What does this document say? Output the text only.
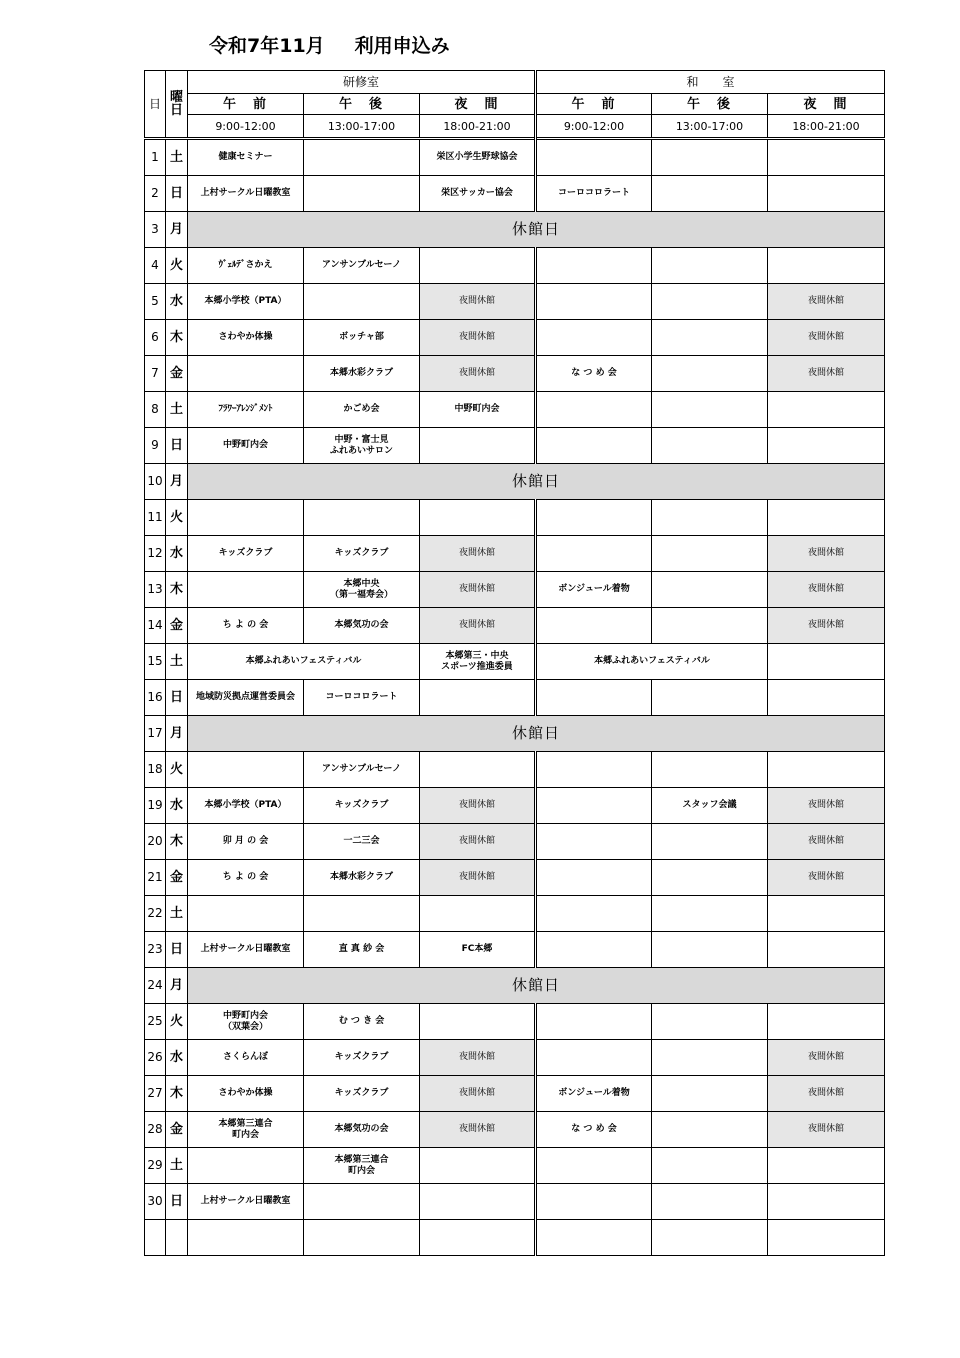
令和7年11月 利用申込み
日	曜
日	研修室			和　　室		
		午　前	午　後	夜　間	午　前	午　後	夜　間
		9:00-12:00	13:00-17:00	18:00-21:00	9:00-12:00	13:00-17:00	18:00-21:00
1	土	健康セミナー		栄区小学生野球協会			
2	日	上村サークル日曜教室		栄区サッカー協会	コーロコロラート		
3	月	休館日					
4	火	ｳﾞｪﾙﾃﾞさかえ	アンサンブルセーノ				
5	水	本郷小学校（PTA）		夜間休館			夜間休館
6	木	さわやか体操	ボッチャ部	夜間休館			夜間休館
7	金		本郷水彩クラブ	夜間休館	な つ め 会		夜間休館
8	土	ﾌﾗﾜｰｱﾚﾝｼﾞﾒﾝﾄ	かごめ会	中野町内会			
9	日	中野町内会	中野・富士見
ふれあいサロン				
10	月	休館日					
11	火						
12	水	キッズクラブ	キッズクラブ	夜間休館			夜間休館
13	木		本郷中央
（第一福寿会）	夜間休館	ボンジュール着物		夜間休館
14	金	ち よ の 会	本郷気功の会	夜間休館			夜間休館
15	土	本郷ふれあいフェスティバル		本郷第三・中央
スポーツ推進委員	本郷ふれあいフェスティバル		
16	日	地域防災拠点運営委員会	コーロコロラート				
17	月	休館日					
18	火		アンサンブルセーノ				
19	水	本郷小学校（PTA）	キッズクラブ	夜間休館		スタッフ会議	夜間休館
20	木	卯 月 の 会	一二三会	夜間休館			夜間休館
21	金	ち よ の 会	本郷水彩クラブ	夜間休館			夜間休館
22	土						
23	日	上村サークル日曜教室	直 真 紗 会	FC本郷			
24	月	休館日					
25	火	中野町内会
（双葉会）	む つ き 会				
26	水	さくらんぼ	キッズクラブ	夜間休館			夜間休館
27	木	さわやか体操	キッズクラブ	夜間休館	ボンジュール着物		夜間休館
28	金	本郷第三連合
町内会	本郷気功の会	夜間休館	な つ め 会		夜間休館
29	土		本郷第三連合
町内会				
30	日	上村サークル日曜教室					
